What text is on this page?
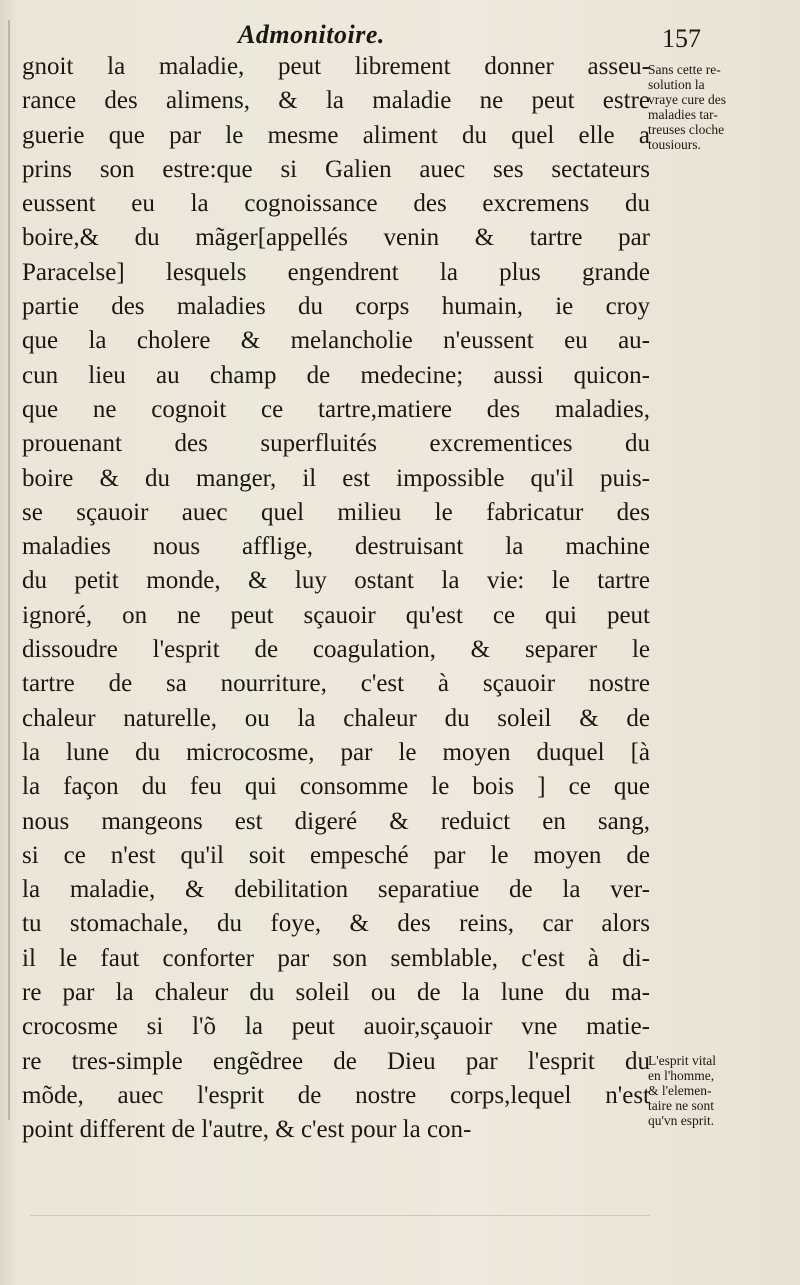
Admonitoire.	157
gnoit la maladie, peut librement donner asseu-
rance des alimens, & la maladie ne peut estre
guerie que par le mesme aliment du quel elle a
prins son estre:que si Galien auec ses sectateurs
eussent eu la cognoissance des excremens du
boire,& du mãger[appellés venin & tartre par
Paracelse] lesquels engendrent la plus grande
partie des maladies du corps humain, ie croy
que la cholere & melancholie n'eussent eu au-
cun lieu au champ de medecine; aussi quicon-
que ne cognoit ce tartre,matiere des maladies,
prouenant des superfluités excrementices du
boire & du manger, il est impossible qu'il puis-
se sçauoir auec quel milieu le fabricatur des
maladies nous afflige, destruisant la machine
du petit monde, & luy ostant la vie: le tartre
ignoré, on ne peut sçauoir qu'est ce qui peut
dissoudre l'esprit de coagulation, & separer le
tartre de sa nourriture, c'est à sçauoir nostre
chaleur naturelle, ou la chaleur du soleil & de
la lune du microcosme, par le moyen duquel [à
la façon du feu qui consomme le bois ] ce que
nous mangeons est digeré & reduict en sang,
si ce n'est qu'il soit empesché par le moyen de
la maladie, & debilitation separatiue de la ver-
tu stomachale, du foye, & des reins, car alors
il le faut conforter par son semblable, c'est à di-
re par la chaleur du soleil ou de la lune du ma-
crocosme si l'õ la peut auoir,sçauoir vne matie-
re tres-simple engẽdree de Dieu par l'esprit du
mõde, auec l'esprit de nostre corps,lequel n'est
point different de l'autre, & c'est pour la con-
Sans cette re-
solution la
vraye cure des
maladies tar-
treuses cloche
tousiours.
L'esprit vital
en l'homme,
& l'elemen-
taire ne sont
qu'vn esprit.
